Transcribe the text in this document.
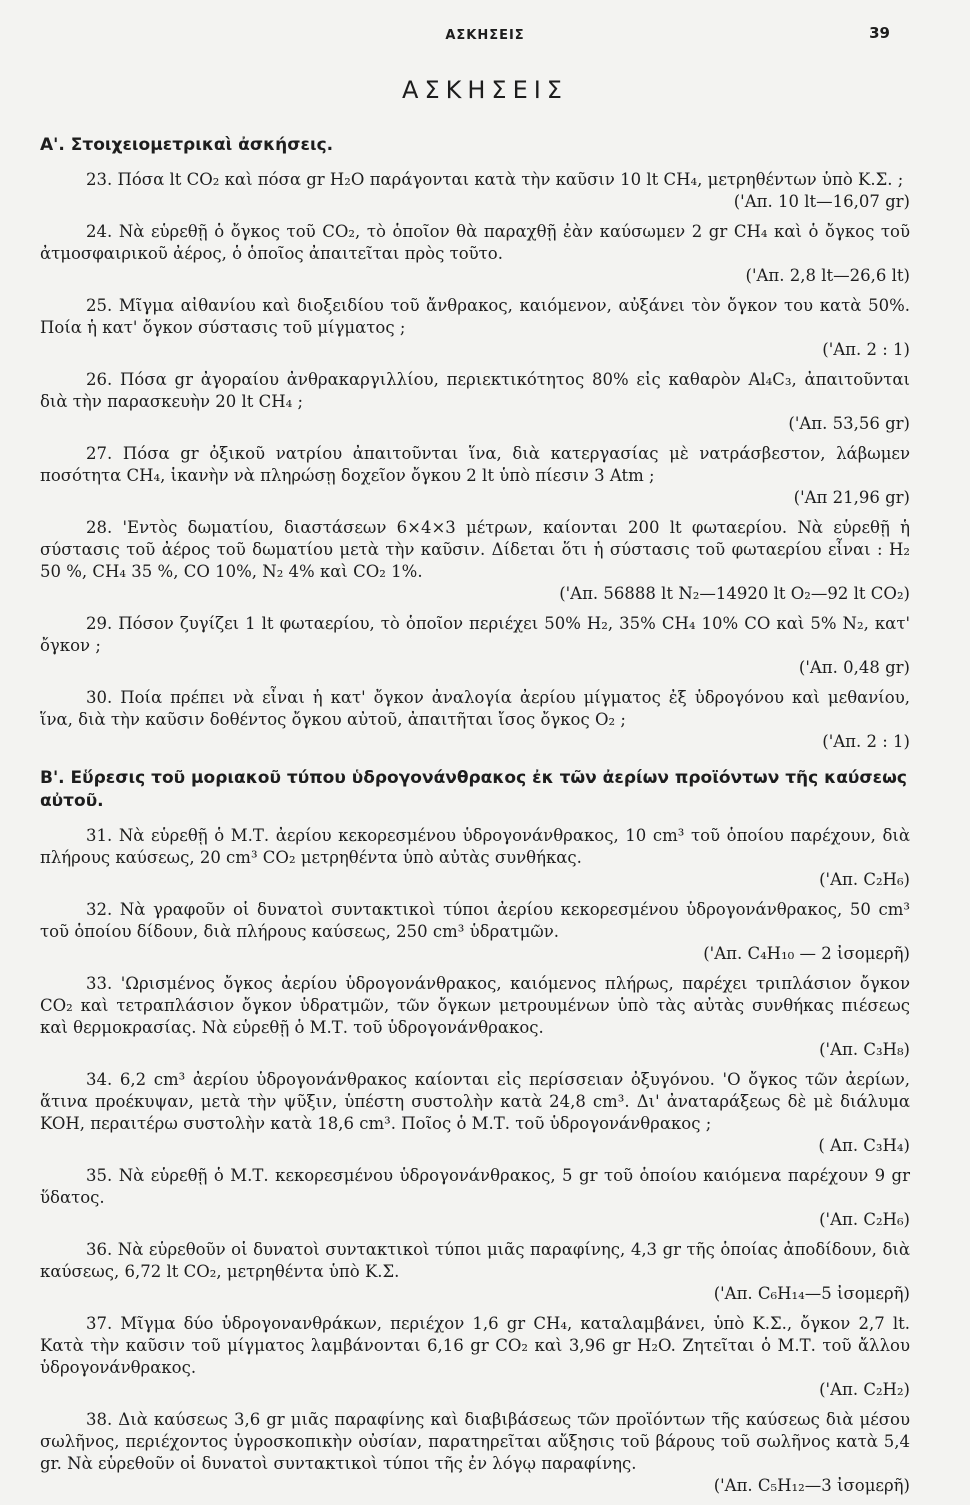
ΑΣΚΗΣΕΙΣ	39
ΑΣΚΗΣΕΙΣ
Α'. Στοιχειομετρικαὶ ἀσκήσεις.

23. Πόσα lt CO₂ καὶ πόσα gr H₂O παράγονται κατὰ τὴν καῦσιν 10 lt CH₄, μετρηθέντων ὑπὸ Κ.Σ. ;
('Απ. 10 lt—16,07 gr)

24. Νὰ εὑρεθῇ ὁ ὄγκος τοῦ CO₂, τὸ ὁποῖον θὰ παραχθῇ ἐὰν καύσωμεν 2 gr CH₄ καὶ ὁ ὄγκος τοῦ ἀτμοσφαιρικοῦ ἀέρος, ὁ ὁποῖος ἀπαιτεῖται πρὸς τοῦτο.
('Απ. 2,8 lt—26,6 lt)

25. Μῖγμα αἰθανίου καὶ διοξειδίου τοῦ ἄνθρακος, καιόμενον, αὐξάνει τὸν ὄγκον του κατὰ 50%. Ποία ἡ κατ' ὄγκον σύστασις τοῦ μίγματος ;
('Απ. 2 : 1)

26. Πόσα gr ἀγοραίου ἀνθρακαργιλλίου, περιεκτικότητος 80% εἰς καθαρὸν Al₄C₃, ἀπαιτοῦνται διὰ τὴν παρασκευὴν 20 lt CH₄ ;
('Απ. 53,56 gr)

27. Πόσα gr ὀξικοῦ νατρίου ἀπαιτοῦνται ἵνα, διὰ κατεργασίας μὲ νατράσβεστον, λάβωμεν ποσότητα CH₄, ἱκανὴν νὰ πληρώσῃ δοχεῖον ὄγκου 2 lt ὑπὸ πίεσιν 3 Atm ;
('Απ 21,96 gr)

28. 'Εντὸς δωματίου, διαστάσεων 6×4×3 μέτρων, καίονται 200 lt φωταερίου. Νὰ εὑρεθῇ ἡ σύστασις τοῦ ἀέρος τοῦ δωματίου μετὰ τὴν καῦσιν. Δίδεται ὅτι ἡ σύστασις τοῦ φωταερίου εἶναι : H₂ 50 %, CH₄ 35 %, CO 10%, N₂ 4% καὶ CO₂ 1%.
('Απ. 56888 lt N₂—14920 lt O₂—92 lt CO₂)

29. Πόσον ζυγίζει 1 lt φωταερίου, τὸ ὁποῖον περιέχει 50% H₂, 35% CH₄ 10% CO καὶ 5% N₂, κατ' ὄγκον ;
('Απ. 0,48 gr)

30. Ποία πρέπει νὰ εἶναι ἡ κατ' ὄγκον ἀναλογία ἀερίου μίγματος ἐξ ὑδρογόνου καὶ μεθανίου, ἵνα, διὰ τὴν καῦσιν δοθέντος ὄγκου αὐτοῦ, ἀπαιτῆται ἴσος ὄγκος O₂ ;
('Απ. 2 : 1)

Β'. Εὕρεσις τοῦ μοριακοῦ τύπου ὑδρογονάνθρακος ἐκ τῶν ἀερίων προϊόντων τῆς καύσεως αὐτοῦ.

31. Νὰ εὑρεθῇ ὁ Μ.Τ. ἀερίου κεκορεσμένου ὑδρογονάνθρακος, 10 cm³ τοῦ ὁποίου παρέχουν, διὰ πλήρους καύσεως, 20 cm³ CO₂ μετρηθέντα ὑπὸ αὐτὰς συνθήκας.
('Απ. C₂H₆)

32. Νὰ γραφοῦν οἱ δυνατοὶ συντακτικοὶ τύποι ἀερίου κεκορεσμένου ὑδρογονάνθρακος, 50 cm³ τοῦ ὁποίου δίδουν, διὰ πλήρους καύσεως, 250 cm³ ὑδρατμῶν.
('Απ. C₄H₁₀ — 2 ἰσομερῆ)

33. 'Ωρισμένος ὄγκος ἀερίου ὑδρογονάνθρακος, καιόμενος πλήρως, παρέχει τριπλάσιον ὄγκον CO₂ καὶ τετραπλάσιον ὄγκον ὑδρατμῶν, τῶν ὄγκων μετρουμένων ὑπὸ τὰς αὐτὰς συνθήκας πιέσεως καὶ θερμοκρασίας. Νὰ εὑρεθῇ ὁ Μ.Τ. τοῦ ὑδρογονάνθρακος.
('Απ. C₃H₈)

34. 6,2 cm³ ἀερίου ὑδρογονάνθρακος καίονται εἰς περίσσειαν ὀξυγόνου. 'Ο ὄγκος τῶν ἀερίων, ἅτινα προέκυψαν, μετὰ τὴν ψῦξιν, ὑπέστη συστολὴν κατὰ 24,8 cm³. Δι' ἀναταράξεως δὲ μὲ διάλυμα KOH, περαιτέρω συστολὴν κατὰ 18,6 cm³. Ποῖος ὁ Μ.Τ. τοῦ ὑδρογονάνθρακος ;
( Απ. C₃H₄)

35. Νὰ εὑρεθῇ ὁ Μ.Τ. κεκορεσμένου ὑδρογονάνθρακος, 5 gr τοῦ ὁποίου καιόμενα παρέχουν 9 gr ὕδατος.
('Απ. C₂H₆)

36. Νὰ εὑρεθοῦν οἱ δυνατοὶ συντακτικοὶ τύποι μιᾶς παραφίνης, 4,3 gr τῆς ὁποίας ἀποδίδουν, διὰ καύσεως, 6,72 lt CO₂, μετρηθέντα ὑπὸ Κ.Σ.
('Απ. C₆H₁₄—5 ἰσομερῆ)

37. Μῖγμα δύο ὑδρογονανθράκων, περιέχον 1,6 gr CH₄, καταλαμβάνει, ὑπὸ Κ.Σ., ὄγκον 2,7 lt. Κατὰ τὴν καῦσιν τοῦ μίγματος λαμβάνονται 6,16 gr CO₂ καὶ 3,96 gr H₂O. Ζητεῖται ὁ Μ.Τ. τοῦ ἄλλου ὑδρογονάνθρακος.
('Απ. C₂H₂)

38. Διὰ καύσεως 3,6 gr μιᾶς παραφίνης καὶ διαβιβάσεως τῶν προϊόντων τῆς καύσεως διὰ μέσου σωλῆνος, περιέχοντος ὑγροσκοπικὴν οὐσίαν, παρατηρεῖται αὔξησις τοῦ βάρους τοῦ σωλῆνος κατὰ 5,4 gr. Νὰ εὑρεθοῦν οἱ δυνατοὶ συντακτικοὶ τύποι τῆς ἐν λόγῳ παραφίνης.
('Απ. C₅H₁₂—3 ἰσομερῆ)
